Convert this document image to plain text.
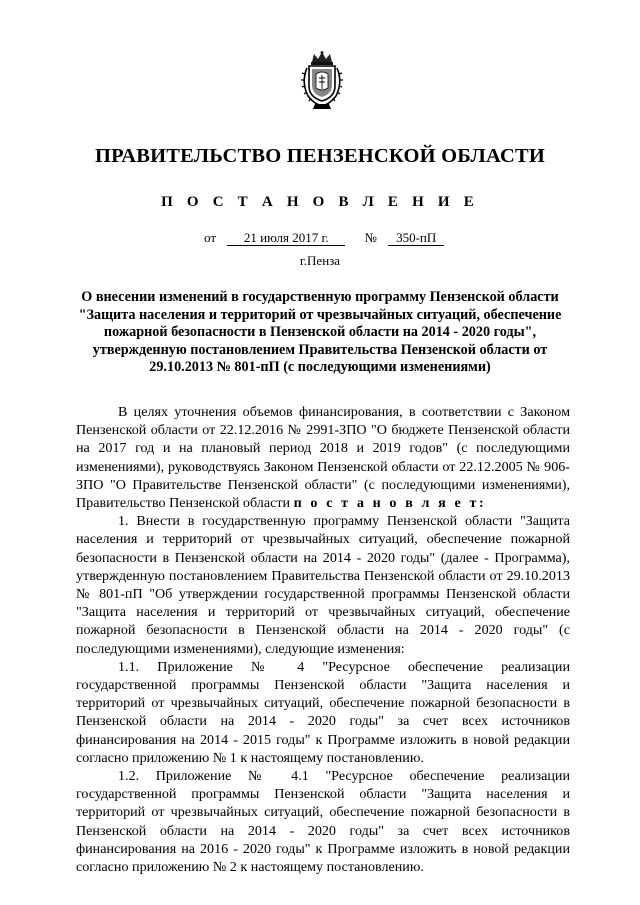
ПРАВИТЕЛЬСТВО ПЕНЗЕНСКОЙ ОБЛАСТИ
П О С Т А Н О В Л Е Н И Е
от 21 июля 2017 г.	№ 350-пП
г.Пенза
О внесении изменений в государственную программу Пензенской области "Защита населения и территорий от чрезвычайных ситуаций, обеспечение пожарной безопасности в Пензенской области на 2014 - 2020 годы", утвержденную постановлением Правительства Пензенской области от 29.10.2013 № 801-пП (с последующими изменениями)

В целях уточнения объемов финансирования, в соответствии с Законом Пензенской области от 22.12.2016 № 2991-ЗПО "О бюджете Пензенской области на 2017 год и на плановый период 2018 и 2019 годов" (с последующими изменениями), руководствуясь Законом Пензенской области от 22.12.2005 № 906-ЗПО "О Правительстве Пензенской области" (с последующими изменениями), Правительство Пензенской области п о с т а н о в л я е т:

1. Внести в государственную программу Пензенской области "Защита населения и территорий от чрезвычайных ситуаций, обеспечение пожарной безопасности в Пензенской области на 2014 - 2020 годы" (далее - Программа), утвержденную постановлением Правительства Пензенской области от 29.10.2013 № 801-пП "Об утверждении государственной программы Пензенской области "Защита населения и территорий от чрезвычайных ситуаций, обеспечение пожарной безопасности в Пензенской области на 2014 - 2020 годы" (с последующими изменениями), следующие изменения:

1.1. Приложение № 4 "Ресурсное обеспечение реализации государственной программы Пензенской области "Защита населения и территорий от чрезвычайных ситуаций, обеспечение пожарной безопасности в Пензенской области на 2014 - 2020 годы" за счет всех источников финансирования на 2014 - 2015 годы" к Программе изложить в новой редакции согласно приложению № 1 к настоящему постановлению.

1.2. Приложение № 4.1 "Ресурсное обеспечение реализации государственной программы Пензенской области "Защита населения и территорий от чрезвычайных ситуаций, обеспечение пожарной безопасности в Пензенской области на 2014 - 2020 годы" за счет всех источников финансирования на 2016 - 2020 годы" к Программе изложить в новой редакции согласно приложению № 2 к настоящему постановлению.
